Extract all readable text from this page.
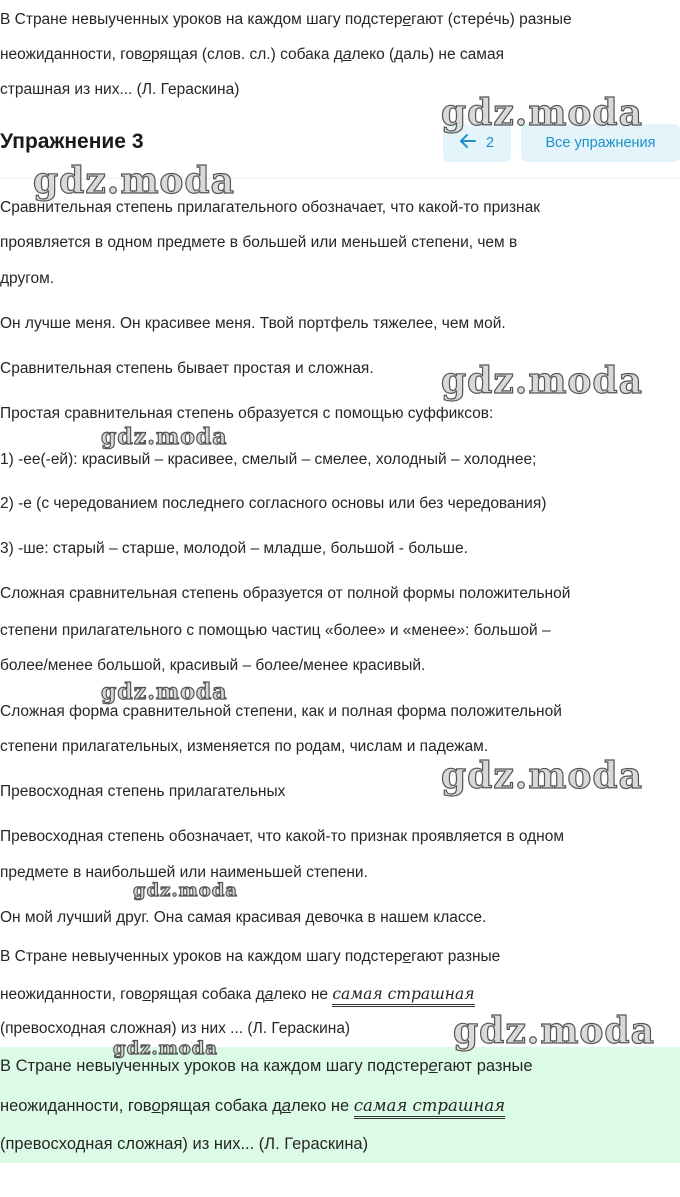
В Стране невыученных уроков на каждом шагу подстерегают (стере́чь) разные
неожиданности, говорящая (слов. сл.) собака далеко (даль) не самая
страшная из них... (Л. Гераскина)
Упражнение 3	2	Все упражнения
Сравнительная степень прилагательного обозначает, что какой-то признак
проявляется в одном предмете в большей или меньшей степени, чем в
другом.
Он лучше меня. Он красивее меня. Твой портфель тяжелее, чем мой.
Сравнительная степень бывает простая и сложная.
Простая сравнительная степень образуется с помощью суффиксов:
1) -ее(-ей): красивый – красивее, смелый – смелее, холодный – холоднее;
2) -е (с чередованием последнего согласного основы или без чередования)
3) -ше: старый – старше, молодой – младше, большой - больше.
Сложная сравнительная степень образуется от полной формы положительной
степени прилагательного с помощью частиц «более» и «менее»: большой –
более/менее большой, красивый – более/менее красивый.
Сложная форма сравнительной степени, как и полная форма положительной
степени прилагательных, изменяется по родам, числам и падежам.
Превосходная степень прилагательных
Превосходная степень обозначает, что какой-то признак проявляется в одном
предмете в наибольшей или наименьшей степени.
Он мой лучший друг. Она самая красивая девочка в нашем классе.
В Стране невыученных уроков на каждом шагу подстерегают разные
неожиданности, говорящая собака далеко не самая страшная
(превосходная сложная) из них ... (Л. Гераскина)
В Стране невыученных уроков на каждом шагу подстерегают разные
неожиданности, говорящая собака далеко не самая страшная
(превосходная сложная) из них... (Л. Гераскина)
gdz.moda
gdz.moda
gdz.moda
gdz.moda
gdz.moda
gdz.moda
gdz.moda
gdz.moda
gdz.moda
